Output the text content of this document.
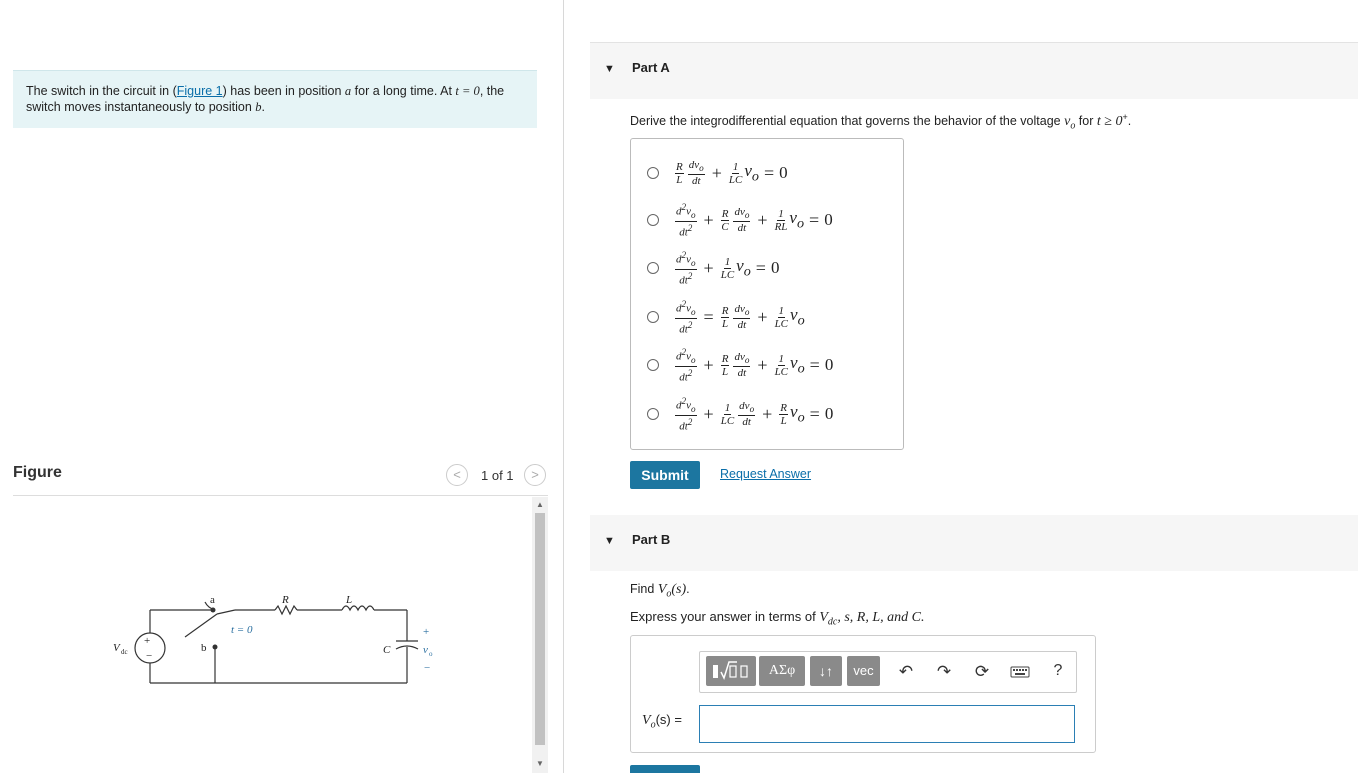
The switch in the circuit in (Figure 1) has been in position a for a long time. At t = 0, the switch moves instantaneously to position b.
Figure	<	1 of 1	>
+
−
a
b
t = 0
R	L
C
V dc
+
v o
−
▲
▼
▼ Part A
Derive the integrodifferential equation that governs the behavior of the voltage $v_o$ for t ≥ 0+.
$\frac{R}{L} \frac{dv_o}{dt} + \frac{1}{LC} v_o = 0$
$\frac{d^2v_o}{dt^2} + \frac{R}{C} \frac{dv_o}{dt} + \frac{1}{RL} v_o = 0$
$\frac{d^2v_o}{dt^2} + \frac{1}{LC} v_o = 0$
$\frac{d^2v_o}{dt^2} = \frac{R}{L} \frac{dv_o}{dt} + \frac{1}{LC} v_o$
$\frac{d^2v_o}{dt^2} + \frac{R}{L} \frac{dv_o}{dt} + \frac{1}{LC} v_o = 0$
$\frac{d^2v_o}{dt^2} + \frac{1}{LC} \frac{dv_o}{dt} + \frac{R}{L} v_o = 0$
Submit	Request Answer
▼ Part B
Find $V_o(s)$.
Express your answer in terms of $V_{dc}$, s, R, L, and C.
ΑΣφ	↓↑	vec	↶ ↷ ⟳	?
$V_o(s)$ =
